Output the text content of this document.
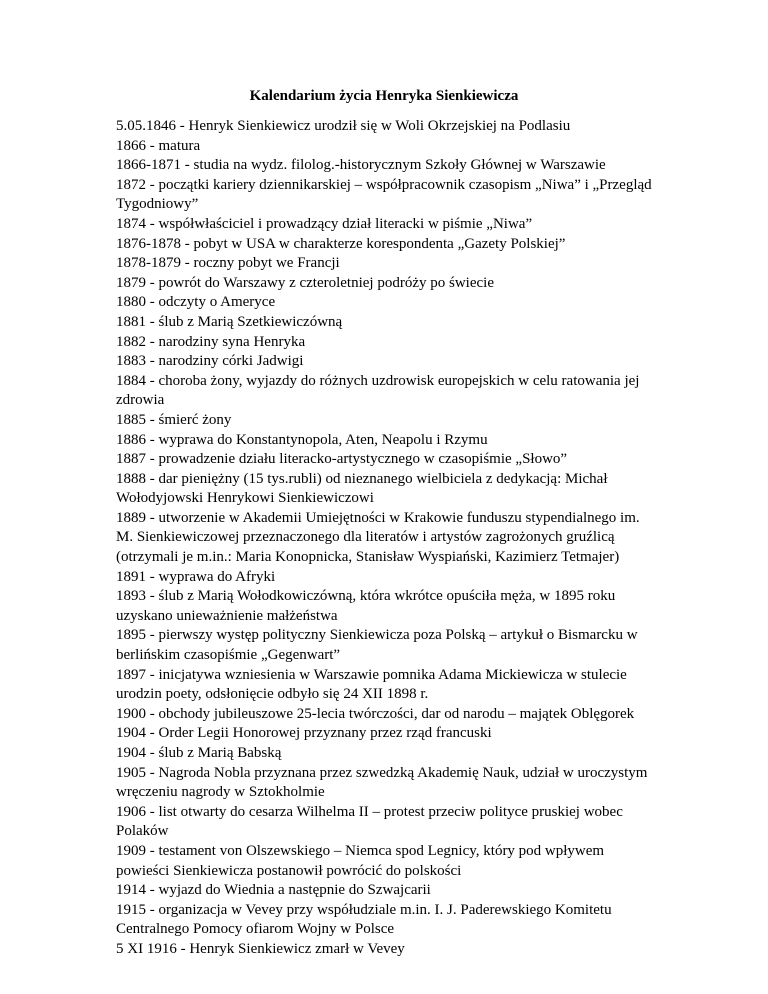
Kalendarium życia Henryka Sienkiewicza

5.05.1846 - Henryk Sienkiewicz urodził się w Woli Okrzejskiej na Podlasiu

1866 - matura

1866-1871 - studia na wydz. filolog.-historycznym Szkoły Głównej w Warszawie

1872 - początki kariery dziennikarskiej – współpracownik czasopism „Niwa” i „Przegląd Tygodniowy”

1874 - współwłaściciel i prowadzący dział literacki w piśmie „Niwa”

1876-1878 - pobyt w USA w charakterze korespondenta „Gazety Polskiej”

1878-1879 - roczny pobyt we Francji

1879 - powrót do Warszawy z czteroletniej podróży po świecie

1880 - odczyty o Ameryce

1881 - ślub z Marią Szetkiewiczówną

1882 - narodziny syna Henryka

1883 - narodziny córki Jadwigi

1884 - choroba żony, wyjazdy do różnych uzdrowisk europejskich w celu ratowania jej zdrowia

1885 - śmierć żony

1886 - wyprawa do Konstantynopola, Aten, Neapolu i Rzymu

1887 - prowadzenie działu literacko-artystycznego w czasopiśmie „Słowo”

1888 - dar pieniężny (15 tys.rubli) od nieznanego wielbiciela z dedykacją: Michał Wołodyjowski Henrykowi Sienkiewiczowi

1889 - utworzenie w Akademii Umiejętności w Krakowie funduszu stypendialnego im. M. Sienkiewiczowej przeznaczonego dla literatów i artystów zagrożonych gruźlicą (otrzymali je m.in.: Maria Konopnicka, Stanisław Wyspiański, Kazimierz Tetmajer)

1891 - wyprawa do Afryki

1893 - ślub z Marią Wołodkowiczówną, która wkrótce opuściła męża, w 1895 roku uzyskano unieważnienie małżeństwa

1895 - pierwszy występ polityczny Sienkiewicza poza Polską – artykuł o Bismarcku w berlińskim czasopiśmie „Gegenwart”

1897 - inicjatywa wzniesienia w Warszawie pomnika Adama Mickiewicza w stulecie urodzin poety, odsłonięcie odbyło się 24 XII 1898 r.

1900 - obchody jubileuszowe 25-lecia twórczości, dar od narodu – majątek Oblęgorek

1904 - Order Legii Honorowej przyznany przez rząd francuski

1904 - ślub z Marią Babską

1905 - Nagroda Nobla przyznana przez szwedzką Akademię Nauk, udział w uroczystym wręczeniu nagrody w Sztokholmie

1906 - list otwarty do cesarza Wilhelma II – protest przeciw polityce pruskiej wobec Polaków

1909 - testament von Olszewskiego – Niemca spod Legnicy, który pod wpływem powieści Sienkiewicza postanowił powrócić do polskości

1914 - wyjazd do Wiednia a następnie do Szwajcarii

1915 - organizacja w Vevey przy współudziale m.in. I. J. Paderewskiego Komitetu Centralnego Pomocy ofiarom Wojny w Polsce

5 XI 1916 - Henryk Sienkiewicz zmarł w Vevey
